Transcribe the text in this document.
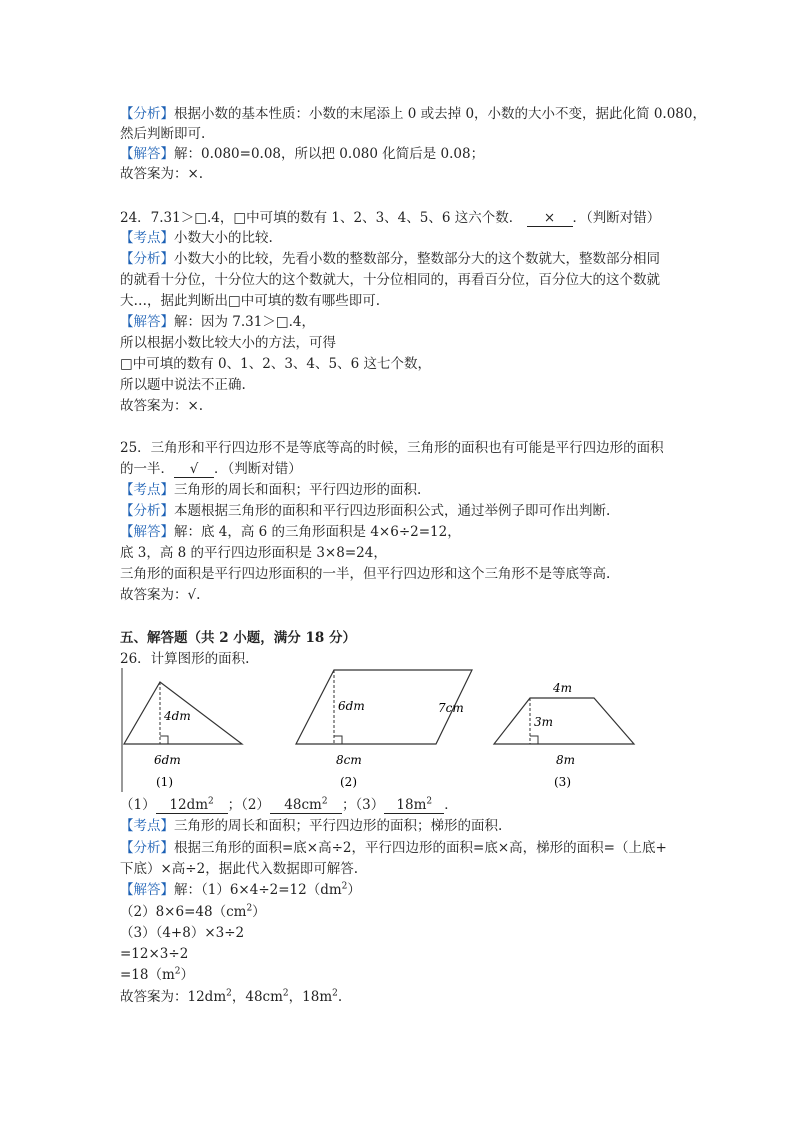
【分析】根据小数的基本性质：小数的末尾添上 0 或去掉 0，小数的大小不变，据此化简 0.080，
然后判断即可.
【解答】解：0.080=0.08，所以把 0.080 化简后是 0.08；
故答案为：×.
24．7.31＞□.4，□中可填的数有 1、2、3、4、5、6 这六个数． × ．（判断对错）
【考点】小数大小的比较.
【分析】小数大小的比较，先看小数的整数部分，整数部分大的这个数就大，整数部分相同
的就看十分位，十分位大的这个数就大，十分位相同的，再看百分位，百分位大的这个数就
大…，据此判断出□中可填的数有哪些即可.
【解答】解：因为 7.31＞□.4，
所以根据小数比较大小的方法，可得
□中可填的数有 0、1、2、3、4、5、6 这七个数，
所以题中说法不正确.
故答案为：×.
25．三角形和平行四边形不是等底等高的时候，三角形的面积也有可能是平行四边形的面积
的一半． √ ．（判断对错）
【考点】三角形的周长和面积；平行四边形的面积.
【分析】本题根据三角形的面积和平行四边形面积公式，通过举例子即可作出判断.
【解答】解：底 4，高 6 的三角形面积是 4×6÷2=12，
底 3，高 8 的平行四边形面积是 3×8=24，
三角形的面积是平行四边形面积的一半，但平行四边形和这个三角形不是等底等高.
故答案为：√.
五、解答题（共 2 小题，满分 18 分）
26．计算图形的面积.
4dm
6dm
(1)
6dm	7cm
8cm
(2)
4m
3m
8m
(3)
（1） $12dm^2$ ；（2） $48cm^2$ ；（3） $18m^2$ ．
【考点】三角形的周长和面积；平行四边形的面积；梯形的面积.
【分析】根据三角形的面积=底×高÷2，平行四边形的面积=底×高，梯形的面积=（上底+
下底）×高÷2，据此代入数据即可解答.
【解答】解：$(1)6\times 4\div 2=12(dm^2)$
$(2)8\times 6=48(cm^2)$
（3）（4+8）×3÷2
=12×3÷2
$=18(m^2)$
故答案为：$12dm^2$，$48cm^2$，$18m^2$.
